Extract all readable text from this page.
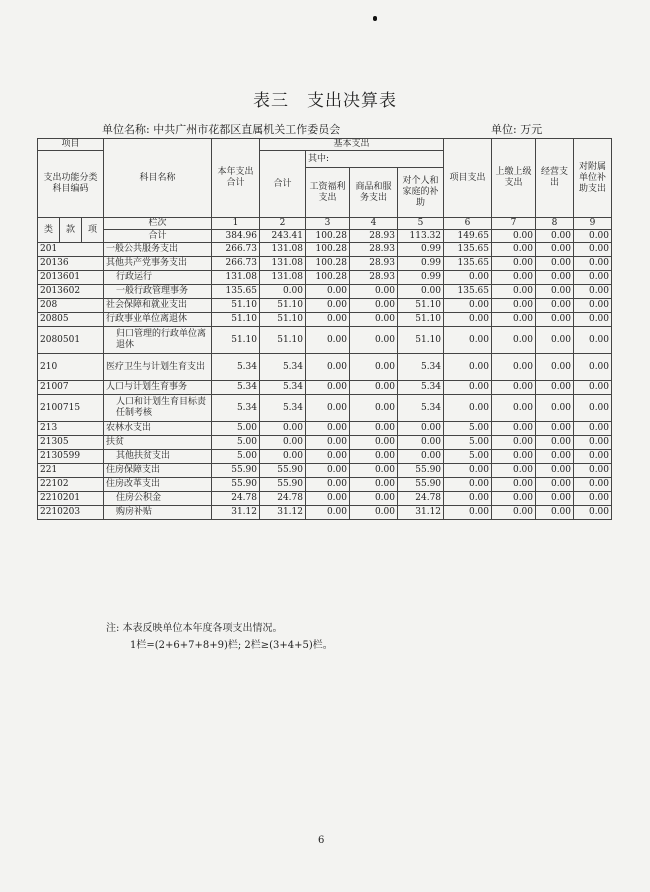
表三　支出决算表
单位名称: 中共广州市花都区直属机关工作委员会	单位: 万元
项目			科目名称	本年支出合计	基本支出				项目支出	上缴上级支出	经营支出	对附属单位补助支出
支出功能分类科目编码					合计	其中:						
						工资福利支出	商品和服务支出	对个人和家庭的补助				
类	款	项	栏次	1	2	3	4	5	6	7	8	9
			合计	384.96	243.41	100.28	28.93	113.32	149.65	0.00	0.00	0.00
201			一般公共服务支出	266.73	131.08	100.28	28.93	0.99	135.65	0.00	0.00	0.00
20136			其他共产党事务支出	266.73	131.08	100.28	28.93	0.99	135.65	0.00	0.00	0.00
2013601			行政运行	131.08	131.08	100.28	28.93	0.99	0.00	0.00	0.00	0.00
2013602			一般行政管理事务	135.65	0.00	0.00	0.00	0.00	135.65	0.00	0.00	0.00
208			社会保障和就业支出	51.10	51.10	0.00	0.00	51.10	0.00	0.00	0.00	0.00
20805			行政事业单位离退休	51.10	51.10	0.00	0.00	51.10	0.00	0.00	0.00	0.00
2080501			归口管理的行政单位离退休	51.10	51.10	0.00	0.00	51.10	0.00	0.00	0.00	0.00
210			医疗卫生与计划生育支出	5.34	5.34	0.00	0.00	5.34	0.00	0.00	0.00	0.00
21007			人口与计划生育事务	5.34	5.34	0.00	0.00	5.34	0.00	0.00	0.00	0.00
2100715			人口和计划生育目标责任制考核	5.34	5.34	0.00	0.00	5.34	0.00	0.00	0.00	0.00
213			农林水支出	5.00	0.00	0.00	0.00	0.00	5.00	0.00	0.00	0.00
21305			扶贫	5.00	0.00	0.00	0.00	0.00	5.00	0.00	0.00	0.00
2130599			其他扶贫支出	5.00	0.00	0.00	0.00	0.00	5.00	0.00	0.00	0.00
221			住房保障支出	55.90	55.90	0.00	0.00	55.90	0.00	0.00	0.00	0.00
22102			住房改革支出	55.90	55.90	0.00	0.00	55.90	0.00	0.00	0.00	0.00
2210201			住房公积金	24.78	24.78	0.00	0.00	24.78	0.00	0.00	0.00	0.00
2210203			购房补贴	31.12	31.12	0.00	0.00	31.12	0.00	0.00	0.00	0.00
注: 本表反映单位本年度各项支出情况。
1栏=(2+6+7+8+9)栏; 2栏≥(3+4+5)栏。
6
